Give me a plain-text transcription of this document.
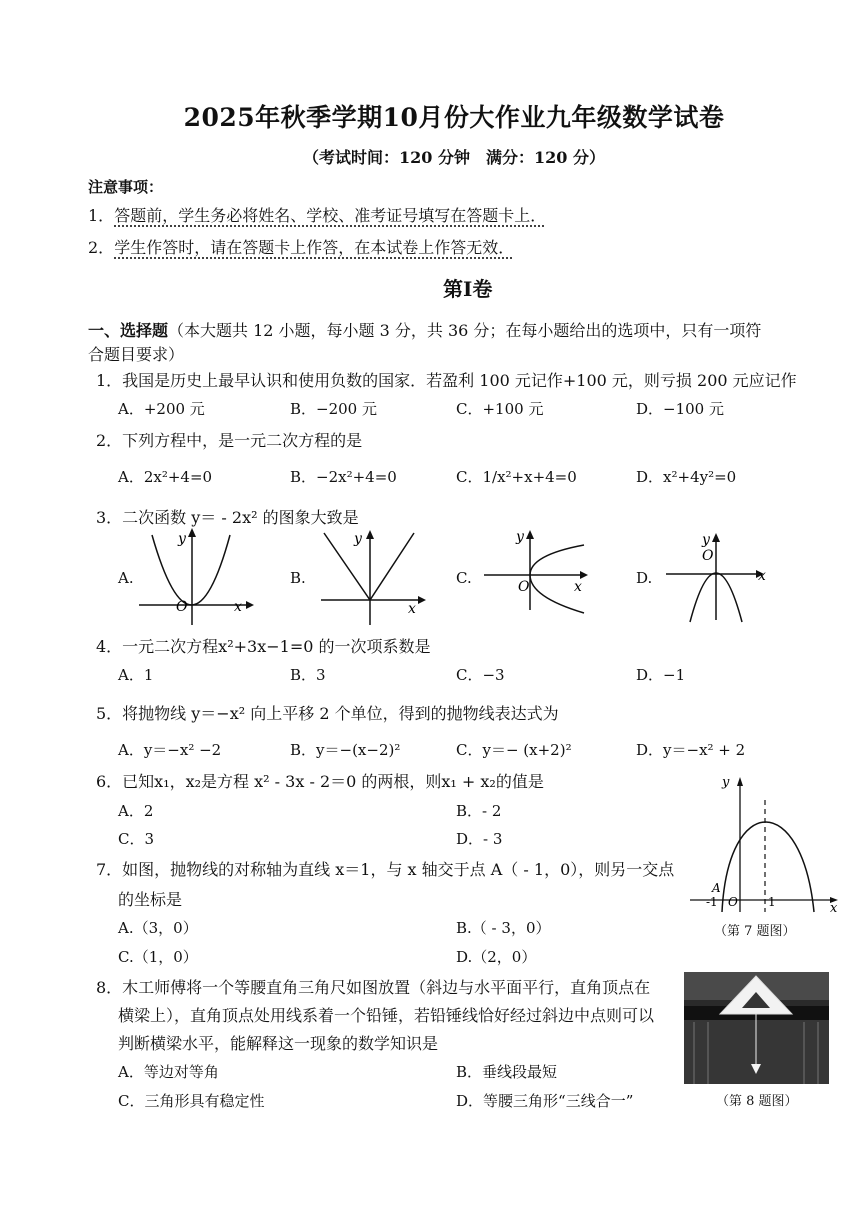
2025年秋季学期10月份大作业九年级数学试卷
（考试时间：120 分钟　满分：120 分）
注意事项：
1．答题前，学生务必将姓名、学校、准考证号填写在答题卡上．
2．学生作答时，请在答题卡上作答，在本试卷上作答无效．
第Ⅰ卷
一、选择题（本大题共 12 小题，每小题 3 分，共 36 分；在每小题给出的选项中，只有一项符
合题目要求）
1．我国是历史上最早认识和使用负数的国家．若盈利 100 元记作+100 元，则亏损 200 元应记作
A．+200 元	B．−200 元	C．+100 元	D．−100 元
2．下列方程中，是一元二次方程的是
A．2x²+4=0	B．−2x²+4=0	C．1/x²+x+4=0	D．x²+4y²=0
3．二次函数 y＝ - 2x² 的图象大致是
A.	B.	C.	D.
y
x
O
y
x
y
x
O
y
x
O
4．一元二次方程x²+3x−1=0 的一次项系数是
A．1	B．3	C．−3	D．−1
5．将抛物线 y＝−x² 向上平移 2 个单位，得到的抛物线表达式为
A．y＝−x² −2	B．y＝−(x−2)²	C．y＝− (x+2)²	D．y＝−x² + 2
6．已知x₁，x₂是方程 x² - 3x - 2＝0 的两根，则x₁ + x₂的值是
A．2	B．- 2
C．3	D．- 3
7．如图，抛物线的对称轴为直线 x＝1，与 x 轴交于点 A（ - 1，0），则另一交点
的坐标是
A.（3，0）	B.（ - 3，0）
C.（1，0）	D.（2，0）
y
x
A
-1 O	1
（第 7 题图）
8．木工师傅将一个等腰直角三角尺如图放置（斜边与水平面平行，直角顶点在
横梁上），直角顶点处用线系着一个铅锤，若铅锤线恰好经过斜边中点则可以
判断横梁水平，能解释这一现象的数学知识是
A．等边对等角	B．垂线段最短
C．三角形具有稳定性	D．等腰三角形“三线合一”	（第 8 题图）
